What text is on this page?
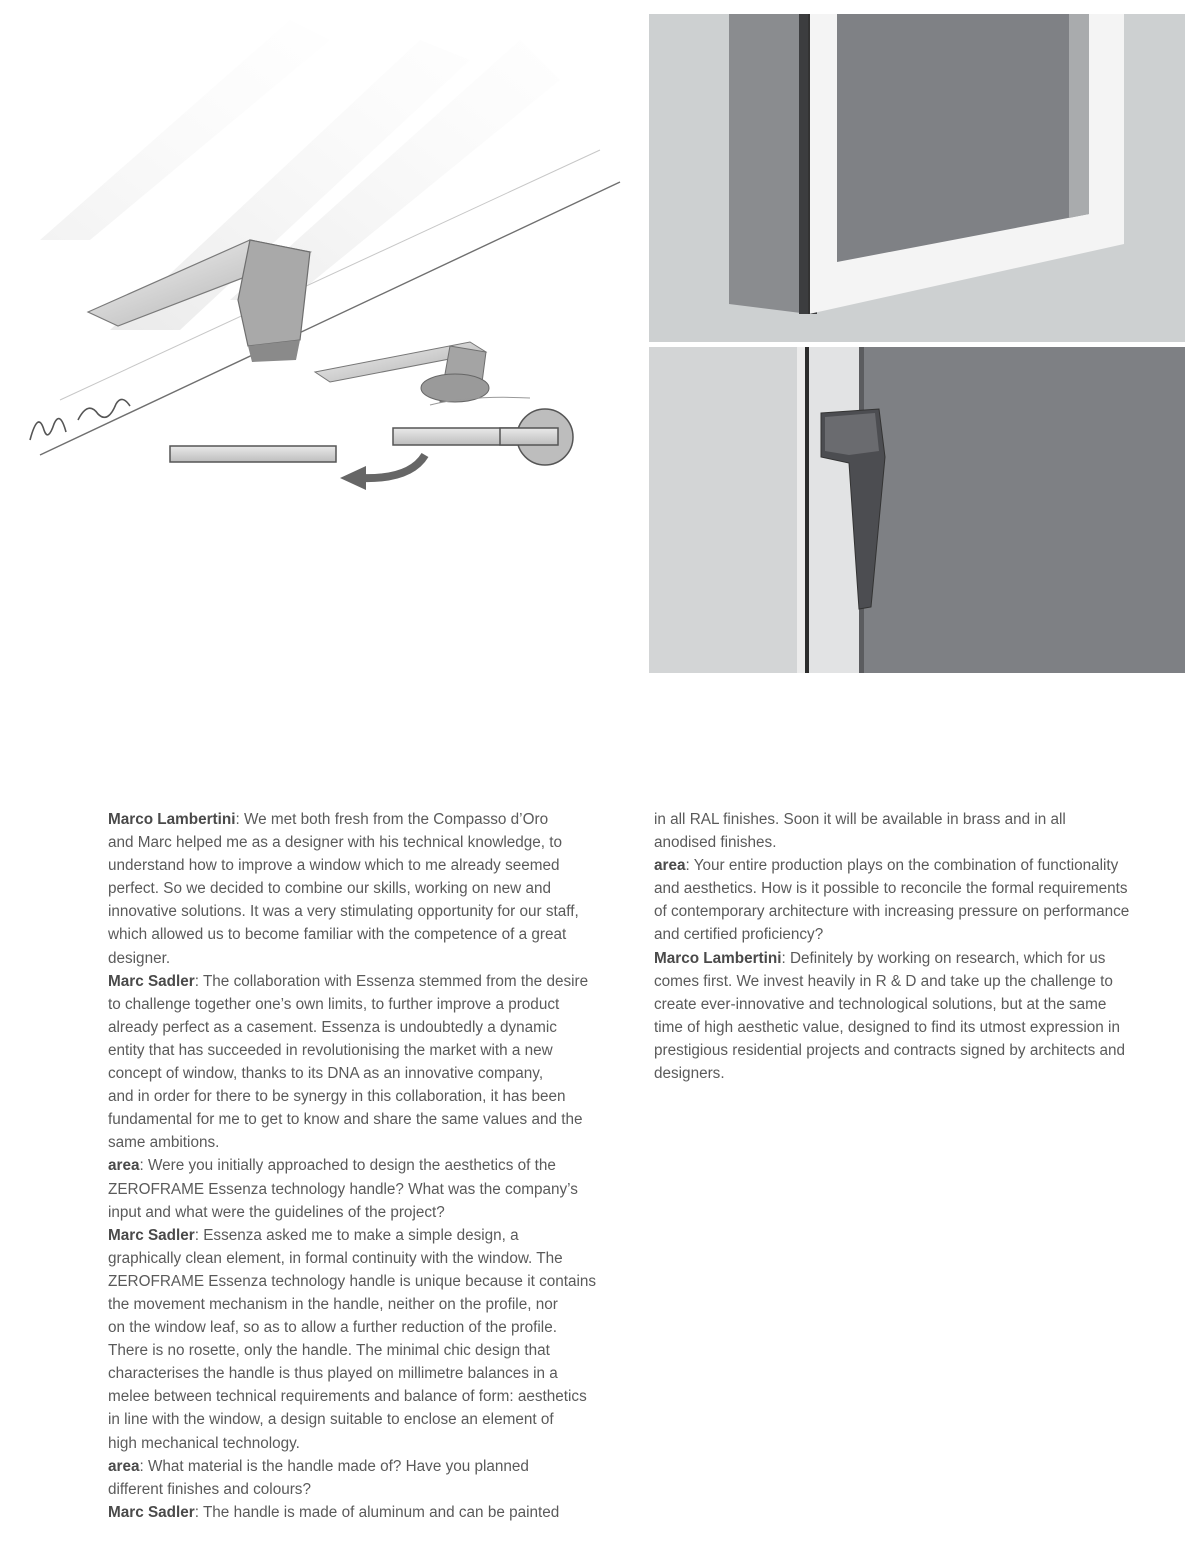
Marco Lambertini: We met both fresh from the Compasso d’Oro

and Marc helped me as a designer with his technical knowledge, to

understand how to improve a window which to me already seemed

perfect. So we decided to combine our skills, working on new and

innovative solutions. It was a very stimulating opportunity for our staff,

which allowed us to become familiar with the competence of a great

designer.

Marc Sadler: The collaboration with Essenza stemmed from the desire

to challenge together one’s own limits, to further improve a product

already perfect as a casement. Essenza is undoubtedly a dynamic

entity that has succeeded in revolutionising the market with a new

concept of window, thanks to its DNA as an innovative company,

and in order for there to be synergy in this collaboration, it has been

fundamental for me to get to know and share the same values and the

same ambitions.

area: Were you initially approached to design the aesthetics of the

ZEROFRAME Essenza technology handle? What was the company’s

input and what were the guidelines of the project?

Marc Sadler: Essenza asked me to make a simple design, a

graphically clean element, in formal continuity with the window. The

ZEROFRAME Essenza technology handle is unique because it contains

the movement mechanism in the handle, neither on the profile, nor

on the window leaf, so as to allow a further reduction of the profile.

There is no rosette, only the handle. The minimal chic design that

characterises the handle is thus played on millimetre balances in a

melee between technical requirements and balance of form: aesthetics

in line with the window, a design suitable to enclose an element of

high mechanical technology.

area: What material is the handle made of? Have you planned

different finishes and colours?

Marc Sadler: The handle is made of aluminum and can be painted

in all RAL finishes. Soon it will be available in brass and in all

anodised finishes.

area: Your entire production plays on the combination of functionality

and aesthetics. How is it possible to reconcile the formal requirements

of contemporary architecture with increasing pressure on performance

and certified proficiency?

Marco Lambertini: Definitely by working on research, which for us

comes first. We invest heavily in R & D and take up the challenge to

create ever-innovative and technological solutions, but at the same

time of high aesthetic value, designed to find its utmost expression in

prestigious residential projects and contracts signed by architects and

designers.
